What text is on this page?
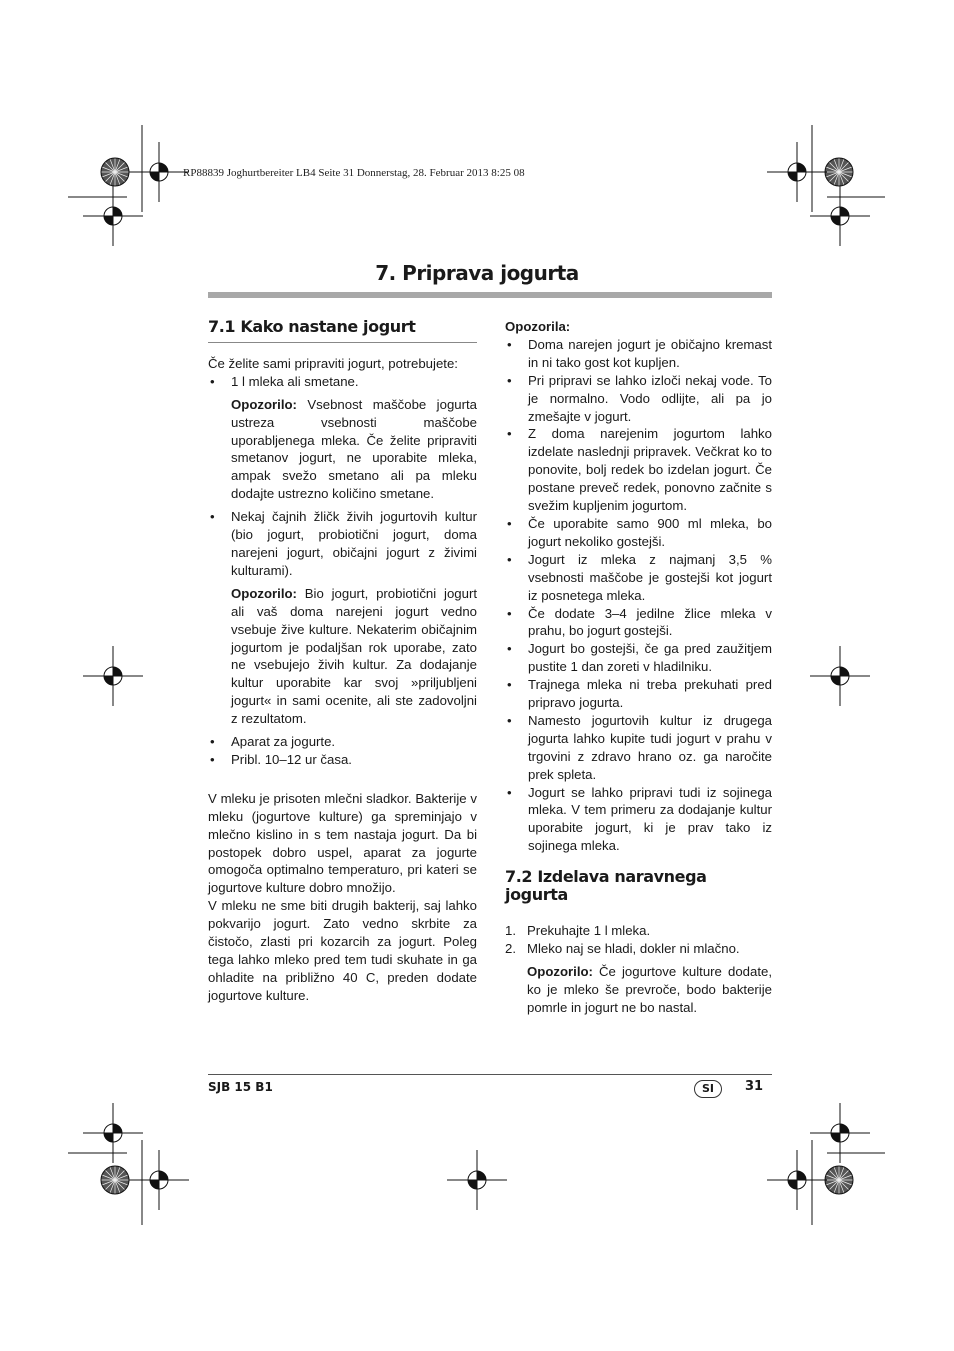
RP88839 Joghurtbereiter LB4 Seite 31 Donnerstag, 28. Februar 2013 8:25 08
7. Priprava jogurta
7.1 Kako nastane jogurt

Če želite sami pripraviti jogurt, potrebujete:

• 1 l mleka ali smetane.

Opozorilo: Vsebnost maščobe jogurta ustreza vsebnosti maščobe uporabljenega mleka. Če želite pripraviti smetanov jogurt, ne uporabite mleka, ampak svežo smetano ali pa mleku dodajte ustrezno količino smetane.

• Nekaj čajnih žličk živih jogurtovih kultur (bio jogurt, probiotični jogurt, doma narejeni jogurt, običajni jogurt z živimi kulturami).

Opozorilo: Bio jogurt, probiotični jogurt ali vaš doma narejeni jogurt vedno vsebuje žive kulture. Nekaterim običajnim jogurtom je podaljšan rok uporabe, zato ne vsebujejo živih kultur. Za dodajanje kultur uporabite kar svoj »priljubljeni jogurt« in sami ocenite, ali ste zadovoljni z rezultatom.

• Aparat za jogurte.
• Pribl. 10–12 ur časa.

V mleku je prisoten mlečni sladkor. Bakterije v mleku (jogurtove kulture) ga spreminjajo v mlečno kislino in s tem nastaja jogurt. Da bi postopek dobro uspel, aparat za jogurte omogoča optimalno temperaturo, pri kateri se jogurtove kulture dobro množijo.

V mleku ne sme biti drugih bakterij, saj lahko pokvarijo jogurt. Zato vedno skrbite za čistočo, zlasti pri kozarcih za jogurt. Poleg tega lahko mleko pred tem tudi skuhate in ga ohladite na približno 40 C, preden dodate jogurtove kulture.

Opozorila:

• Doma narejen jogurt je običajno kremast in ni tako gost kot kupljen.
• Pri pripravi se lahko izloči nekaj vode. To je normalno. Vodo odlijte, ali pa jo zmešajte v jogurt.
• Z doma narejenim jogurtom lahko izdelate naslednji pripravek. Večkrat ko to ponovite, bolj redek bo izdelan jogurt. Če postane preveč redek, ponovno začnite s svežim kupljenim jogurtom.
• Če uporabite samo 900 ml mleka, bo jogurt nekoliko gostejši.
• Jogurt iz mleka z najmanj 3,5 % vsebnosti maščobe je gostejši kot jogurt iz posnetega mleka.
• Če dodate 3–4 jedilne žlice mleka v prahu, bo jogurt gostejši.
• Jogurt bo gostejši, če ga pred zaužitjem pustite 1 dan zoreti v hladilniku.
• Trajnega mleka ni treba prekuhati pred pripravo jogurta.
• Namesto jogurtovih kultur iz drugega jogurta lahko kupite tudi jogurt v prahu v trgovini z zdravo hrano oz. ga naročite prek spleta.
• Jogurt se lahko pripravi tudi iz sojinega mleka. V tem primeru za dodajanje kultur uporabite jogurt, ki je prav tako iz sojinega mleka.
7.2 Izdelava naravnega jogurta
1. Prekuhajte 1 l mleka.
2. Mleko naj se hladi, dokler ni mlačno.

Opozorilo: Če jogurtove kulture dodate, ko je mleko še prevroče, bodo bakterije pomrle in jogurt ne bo nastal.

SJB 15 B1	SI	31
